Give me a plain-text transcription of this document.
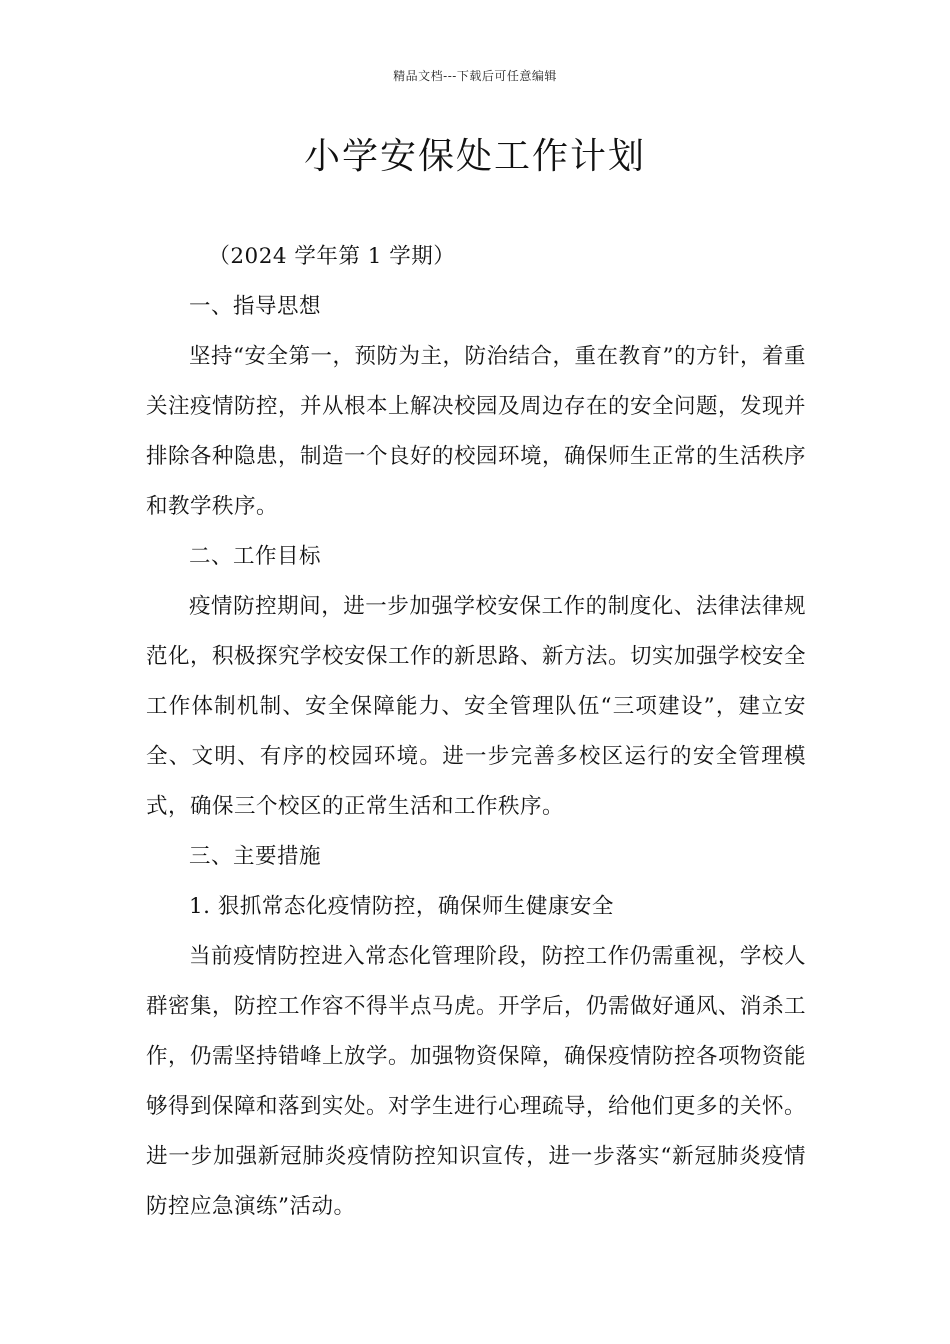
精品文档---下载后可任意编辑
小学安保处工作计划

（2024 学年第 1 学期）

一、指导思想

坚持“安全第一，预防为主，防治结合，重在教育”的方针，着重关注疫情防控，并从根本上解决校园及周边存在的安全问题，发现并排除各种隐患，制造一个良好的校园环境，确保师生正常的生活秩序和教学秩序。

二、工作目标

疫情防控期间，进一步加强学校安保工作的制度化、法律法律规范化，积极探究学校安保工作的新思路、新方法。切实加强学校安全工作体制机制、安全保障能力、安全管理队伍“三项建设”，建立安全、文明、有序的校园环境。进一步完善多校区运行的安全管理模式，确保三个校区的正常生活和工作秩序。

三、主要措施

1. 狠抓常态化疫情防控，确保师生健康安全

当前疫情防控进入常态化管理阶段，防控工作仍需重视，学校人群密集，防控工作容不得半点马虎。开学后，仍需做好通风、消杀工作，仍需坚持错峰上放学。加强物资保障，确保疫情防控各项物资能够得到保障和落到实处。对学生进行心理疏导，给他们更多的关怀。进一步加强新冠肺炎疫情防控知识宣传，进一步落实“新冠肺炎疫情防控应急演练”活动。
